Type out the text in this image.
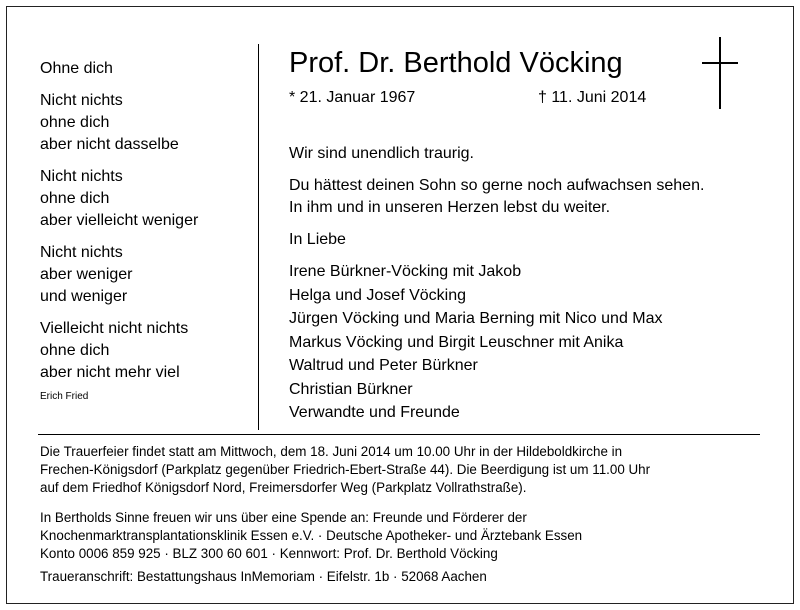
Ohne dich
Nicht nichts
ohne dich
aber nicht dasselbe
Nicht nichts
ohne dich
aber vielleicht weniger
Nicht nichts
aber weniger
und weniger
Vielleicht nicht nichts
ohne dich
aber nicht mehr viel
Erich Fried
Prof. Dr. Berthold Vöcking
* 21. Januar 1967	† 11. Juni 2014
Wir sind unendlich traurig.
Du hättest deinen Sohn so gerne noch aufwachsen sehen.
In ihm und in unseren Herzen lebst du weiter.
In Liebe
Irene Bürkner-Vöcking mit Jakob
Helga und Josef Vöcking
Jürgen Vöcking und Maria Berning mit Nico und Max
Markus Vöcking und Birgit Leuschner mit Anika
Waltrud und Peter Bürkner
Christian Bürkner
Verwandte und Freunde
Die Trauerfeier findet statt am Mittwoch, dem 18. Juni 2014 um 10.00 Uhr in der Hildeboldkirche in
Frechen-Königsdorf (Parkplatz gegenüber Friedrich-Ebert-Straße 44). Die Beerdigung ist um 11.00 Uhr
auf dem Friedhof Königsdorf Nord, Freimersdorfer Weg (Parkplatz Vollrathstraße).
In Bertholds Sinne freuen wir uns über eine Spende an: Freunde und Förderer der
Knochenmarktransplantationsklinik Essen e.V. · Deutsche Apotheker- und Ärztebank Essen
Konto 0006 859 925 · BLZ 300 60 601 · Kennwort: Prof. Dr. Berthold Vöcking
Traueranschrift: Bestattungshaus InMemoriam · Eifelstr. 1b · 52068 Aachen
